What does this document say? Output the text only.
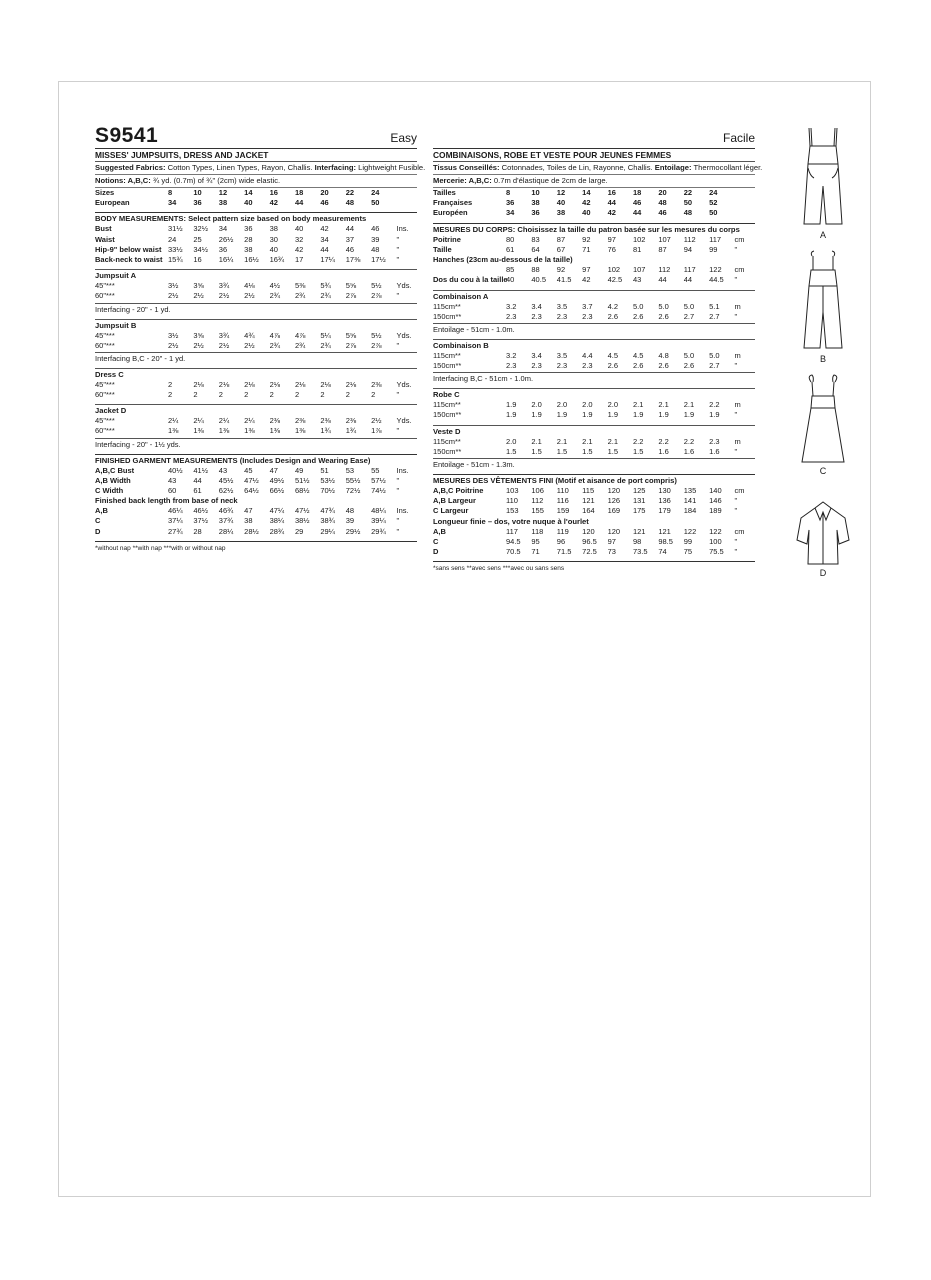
S9541	Easy
MISSES' JUMPSUITS, DRESS AND JACKET
Suggested Fabrics: Cotton Types, Linen Types, Rayon, Challis. Interfacing: Lightweight Fusible.
Notions: A,B,C: ¾ yd. (0.7m) of ¾" (2cm) wide elastic.
Sizes	8	10	12	14	16	18	20	22	24
European	34	36	38	40	42	44	46	48	50
BODY MEASUREMENTS: Select pattern size based on body measurements
Bust	31½	32½	34	36	38	40	42	44	46	Ins.
Waist	24	25	26½	28	30	32	34	37	39	"
Hip-9" below waist 33½	34½	36	38	40	42	44	46	48	"
Back-neck to waist 15¾	16	16¼	16½	16¾	17	17¼	17⅜	17½	"
Jumpsuit A
45"***	3½	3⅝	3¾	4⅛	4½	5⅜	5¾	5⅝	5½	Yds.
60"***	2½	2½	2½	2½	2¾	2¾	2¾	2⅞	2⅞	"
Interfacing - 20" - 1 yd.
Jumpsuit B
45"***	3½	3⅝	3¾	4¾	4⅞	4⅞	5¼	5⅝	5½	Yds.
60"***	2½	2½	2½	2½	2¾	2¾	2¾	2⅞	2⅞	"
Interfacing B,C - 20" - 1 yd.
Dress C
45"***	2	2⅛	2⅛	2⅛	2⅛	2⅛	2⅛	2⅛	2⅜	Yds.
60"***	2	2	2	2	2	2	2	2	2	"
Jacket D
45"***	2¼	2¼	2¼	2¼	2⅜	2⅜	2⅜	2⅜	2½	Yds.
60"***	1⅜	1⅜	1⅜	1⅜	1⅜	1⅜	1¾	1¾	1⅞	"
Interfacing - 20" - 1½ yds.
FINISHED GARMENT MEASUREMENTS (Includes Design and Wearing Ease)
A,B,C Bust	40½	41½	43	45	47	49	51	53	55	Ins.
A,B Width	43	44	45½	47½	49½	51½	53½	55½	57½	"
C Width	60	61	62½	64½	66½	68½	70½	72½	74½	"
Finished back length from base of neck
A,B	46¼	46½	46¾	47	47¼	47½	47¾	48	48¼	Ins.
C	37¼	37½	37¾	38	38¼	38½	38¾	39	39¼	"
D	27¾	28	28¼	28½	28¾	29	29¼	29½	29¾	"
*without nap **with nap ***with or without nap
Facile
COMBINAISONS, ROBE ET VESTE POUR JEUNES FEMMES
Tissus Conseillés: Cotonnades, Toiles de Lin, Rayonne, Challis. Entoilage: Thermocollant léger.
Mercerie: A,B,C: 0.7m d'élastique de 2cm de large.
Tailles	8	10	12	14	16	18	20	22	24
Françaises	36	38	40	42	44	46	48	50	52
Européen	34	36	38	40	42	44	46	48	50
MESURES DU CORPS: Choisissez la taille du patron basée sur les mesures du corps
Poitrine	80	83	87	92	97	102	107	112	117	cm
Taille	61	64	67	71	76	81	87	94	99	"
Hanches (23cm au-dessous de la taille)
85	88	92	97	102	107	112	117	122	cm
Dos du cou à la taille
40	40.5	41.5	42	42.5	43	44	44	44.5	"
Combinaison A
115cm**	3.2	3.4	3.5	3.7	4.2	5.0	5.0	5.0	5.1	m
150cm**	2.3	2.3	2.3	2.3	2.6	2.6	2.6	2.7	2.7	"
Entoilage - 51cm - 1.0m.
Combinaison B
115cm**	3.2	3.4	3.5	4.4	4.5	4.5	4.8	5.0	5.0	m
150cm**	2.3	2.3	2.3	2.3	2.6	2.6	2.6	2.6	2.7	"
Interfacing B,C - 51cm - 1.0m.
Robe C
115cm**	1.9	2.0	2.0	2.0	2.0	2.1	2.1	2.1	2.2	m
150cm**	1.9	1.9	1.9	1.9	1.9	1.9	1.9	1.9	1.9	"
Veste D
115cm**	2.0	2.1	2.1	2.1	2.1	2.2	2.2	2.2	2.3	m
150cm**	1.5	1.5	1.5	1.5	1.5	1.5	1.6	1.6	1.6	"
Entoilage - 51cm - 1.3m.
MESURES DES VÊTEMENTS FINI (Motif et aisance de port compris)
A,B,C Poitrine	103	106	110	115	120	125	130	135	140	cm
A,B Largeur	110	112	116	121	126	131	136	141	146	"
C Largeur	153	155	159	164	169	175	179	184	189	"
Longueur finie – dos, votre nuque à l'ourlet
A,B	117	118	119	120	120	121	121	122	122	cm
C	94.5	95	96	96.5	97	98	98.5	99	100	"
D	70.5	71	71.5	72.5	73	73.5	74	75	75.5	"
*sans sens **avec sens ***avec ou sans sens
A
B
C
D
